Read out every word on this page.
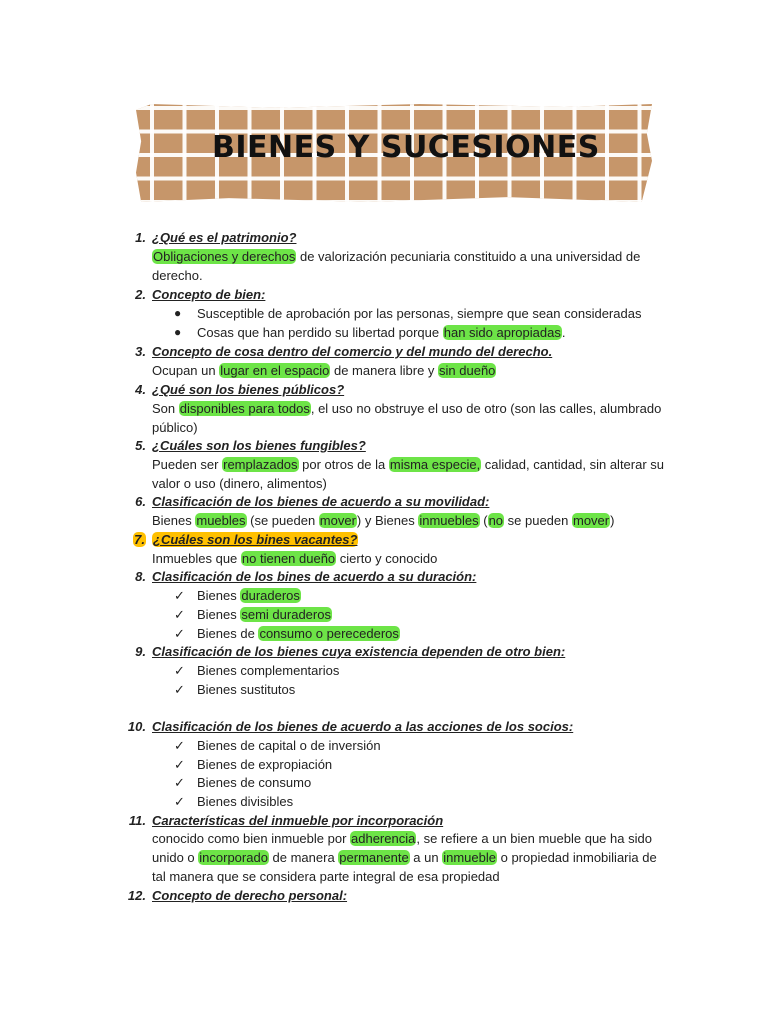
BIENES Y SUCESIONES
1. ¿Qué es el patrimonio?
Obligaciones y derechos de valorización pecuniaria constituido a una universidad de
derecho.
2. Concepto de bien:
● Susceptible de aprobación por las personas, siempre que sean consideradas
● Cosas que han perdido su libertad porque han sido apropiadas.
3. Concepto de cosa dentro del comercio y del mundo del derecho.
Ocupan un lugar en el espacio de manera libre y sin dueño
4. ¿Qué son los bienes públicos?
Son disponibles para todos, el uso no obstruye el uso de otro (son las calles, alumbrado
público)
5. ¿Cuáles son los bienes fungibles?
Pueden ser remplazados por otros de la misma especie, calidad, cantidad, sin alterar su
valor o uso (dinero, alimentos)
6. Clasificación de los bienes de acuerdo a su movilidad:
Bienes muebles (se pueden mover) y Bienes inmuebles (no se pueden mover)
7. ¿Cuáles son los bines vacantes?
Inmuebles que no tienen dueño cierto y conocido
8. Clasificación de los bines de acuerdo a su duración:
✓ Bienes duraderos
✓ Bienes semi duraderos
✓ Bienes de consumo o perecederos
9. Clasificación de los bienes cuya existencia dependen de otro bien:
✓ Bienes complementarios
✓ Bienes sustitutos
10. Clasificación de los bienes de acuerdo a las acciones de los socios:
✓ Bienes de capital o de inversión
✓ Bienes de expropiación
✓ Bienes de consumo
✓ Bienes divisibles
11. Características del inmueble por incorporación
conocido como bien inmueble por adherencia, se refiere a un bien mueble que ha sido
unido o incorporado de manera permanente a un inmueble o propiedad inmobiliaria de
tal manera que se considera parte integral de esa propiedad
12. Concepto de derecho personal:
